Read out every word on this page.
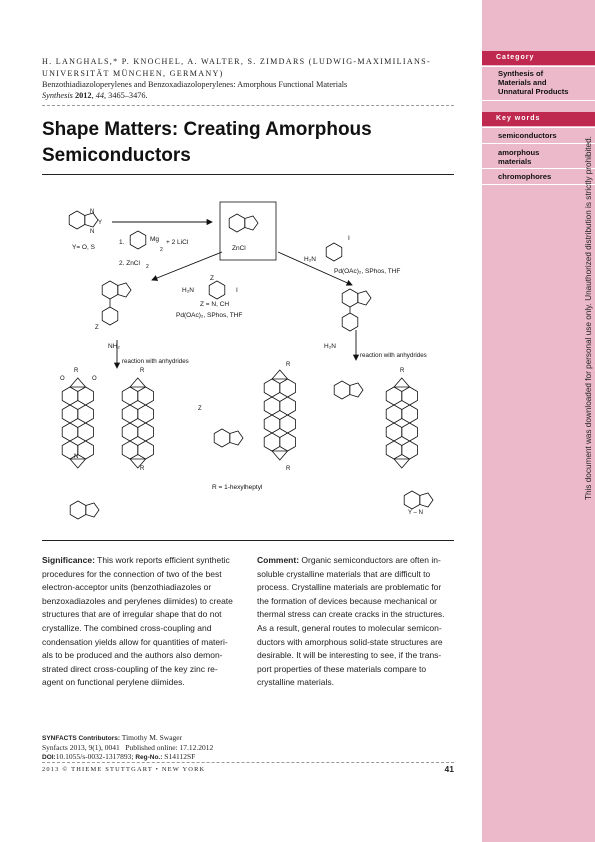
Category
Synthesis of
Materials and
Unnatural Products
Key words
semiconductors
amorphous
materials
chromophores	This document was downloaded for personal use only. Unauthorized distribution is strictly prohibited.
H. LANGHALS,* P. KNOCHEL, A. WALTER, S. ZIMDARS (LUDWIG-MAXIMILIANS-
UNIVERSITÄT MÜNCHEN, GERMANY)
Benzothiadiazoloperylenes and Benzoxadiazoloperylenes: Amorphous Functional Materials
Synthesis 2012, 44, 3465–3476.
Shape Matters: Creating Amorphous
Semiconductors
N
Y
N
Y= O, S
1.	Mg + 2 LiCl
2
2. ZnCl 2
ZnCl
H₂N
I
Pd(OAc)₂, SPhos, THF
H₂N
Z
I
Z = N, CH
Pd(OAc)₂, SPhos, THF
Z
NH₂
reaction with anhydrides
H₂N
reaction with anhydrides
R
N
O	O
R
R
Z
R
R
R
Y – N
R = 1-hexylheptyl
Significance: This work reports efficient synthetic
procedures for the connection of two of the best
electron-acceptor units (benzothiadiazoles or
benzoxadiazoles and perylenes diimides) to create
structures that are of irregular shape that do not
crystallize. The combined cross-coupling and
condensation yields allow for quantities of materi-
als to be produced and the authors also demon-
strated direct cross-coupling of the key zinc re-
agent on functional perylene diimides.
Comment: Organic semiconductors are often in-
soluble crystalline materials that are difficult to
process. Crystalline materials are problematic for
the formation of devices because mechanical or
thermal stress can create cracks in the structures.
As a result, general routes to molecular semicon-
ductors with amorphous solid-state structures are
desirable. It will be interesting to see, if the trans-
port properties of these materials compare to
crystalline materials.
SYNFACTS Contributors: Timothy M. Swager
Synfacts 2013, 9(1), 0041 Published online: 17.12.2012
DOI:10.1055/s-0032-1317893; Reg-No.: S14112SF
2013 © THIEME STUTTGART • NEW YORK	41
